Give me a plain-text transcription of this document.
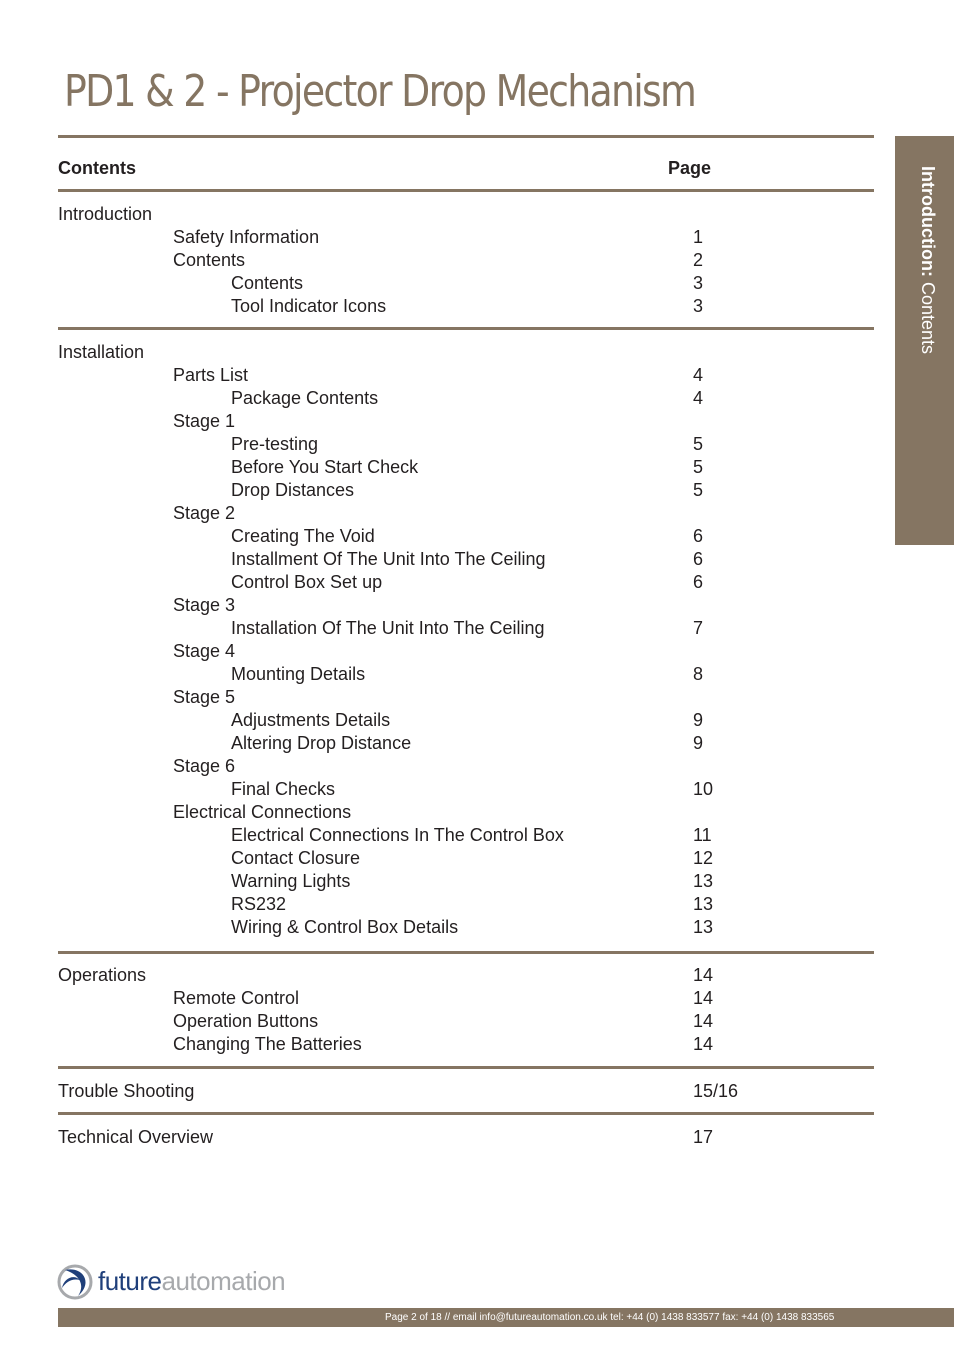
PD1 & 2 - Projector Drop Mechanism
Contents	Page	Introduction: Contents
Introduction
Safety Information	1
Contents	2
Contents	3
Tool Indicator Icons	3
Installation
Parts List	4
Package Contents	4
Stage 1
Pre-testing	5
Before You Start Check	5
Drop Distances	5
Stage 2
Creating The Void	6
Installment Of The Unit Into The Ceiling	6
Control Box Set up	6
Stage 3
Installation Of The Unit Into The Ceiling	7
Stage 4
Mounting Details	8
Stage 5
Adjustments Details	9
Altering Drop Distance	9
Stage 6
Final Checks	10
Electrical Connections
Electrical Connections In The Control Box	11
Contact Closure	12
Warning Lights	13
RS232	13
Wiring & Control Box Details	13
Operations	14
Remote Control	14
Operation Buttons	14
Changing The Batteries	14
Trouble Shooting	15/16
Technical Overview	17
futureautomation
Page 2 of 18 // email info@futureautomation.co.uk tel: +44 (0) 1438 833577 fax: +44 (0) 1438 833565
